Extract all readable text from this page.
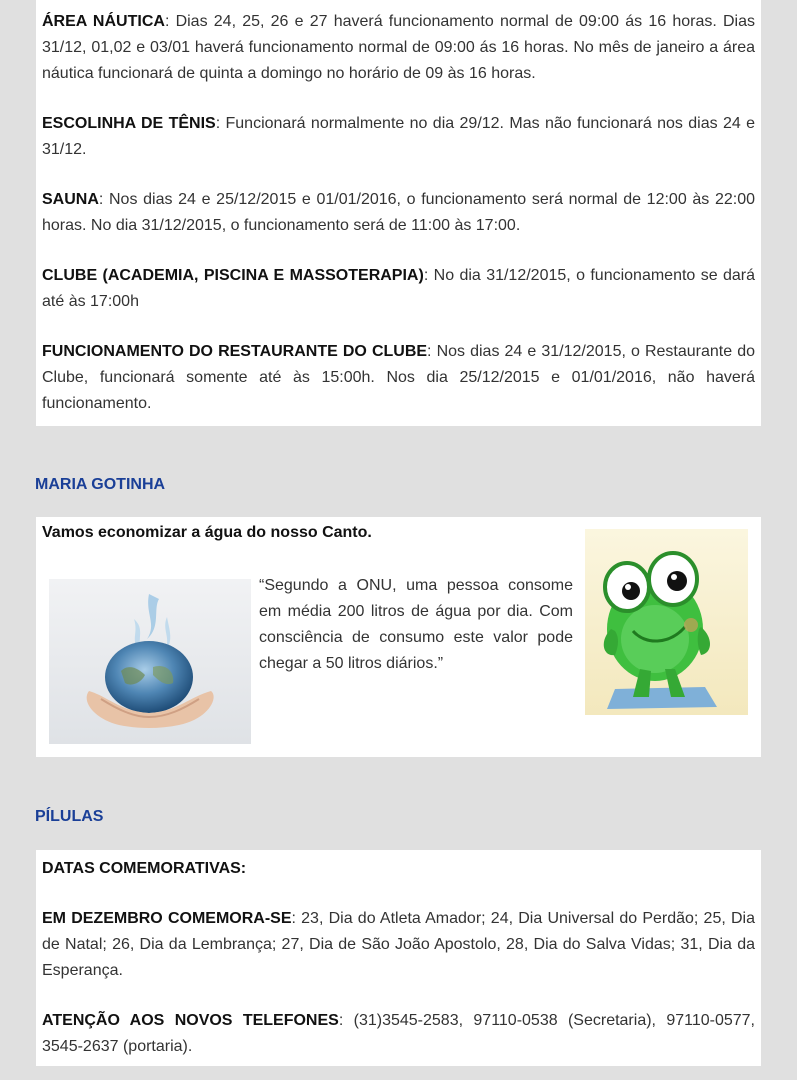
ÁREA NÁUTICA: Dias 24, 25, 26 e 27 haverá funcionamento normal de 09:00 ás 16 horas. Dias 31/12, 01,02 e 03/01 haverá funcionamento normal de 09:00 ás 16 horas. No mês de janeiro a área náutica funcionará de quinta a domingo no horário de 09 às 16 horas.

ESCOLINHA DE TÊNIS: Funcionará normalmente no dia 29/12. Mas não funcionará nos dias 24 e 31/12.

SAUNA: Nos dias 24 e 25/12/2015 e 01/01/2016, o funcionamento será normal de 12:00 às 22:00 horas. No dia 31/12/2015, o funcionamento será de 11:00 às 17:00.

CLUBE (ACADEMIA, PISCINA E MASSOTERAPIA): No dia 31/12/2015, o funcionamento se dará até às 17:00h

FUNCIONAMENTO DO RESTAURANTE DO CLUBE: Nos dias 24 e 31/12/2015, o Restaurante do Clube, funcionará somente até às 15:00h. Nos dia 25/12/2015 e 01/01/2016, não haverá funcionamento.

MARIA GOTINHA

Vamos economizar a água do nosso Canto.

“Segundo a ONU, uma pessoa consome em média 200 litros de água por dia. Com consciência de consumo este valor pode chegar a 50 litros diários.”

PÍLULAS

DATAS COMEMORATIVAS:

EM DEZEMBRO COMEMORA-SE: 23, Dia do Atleta Amador; 24, Dia Universal do Perdão; 25, Dia de Natal; 26, Dia da Lembrança; 27, Dia de São João Apostolo, 28, Dia do Salva Vidas; 31, Dia da Esperança.

ATENÇÃO AOS NOVOS TELEFONES: (31)3545-2583, 97110-0538 (Secretaria), 97110-0577, 3545-2637 (portaria).
